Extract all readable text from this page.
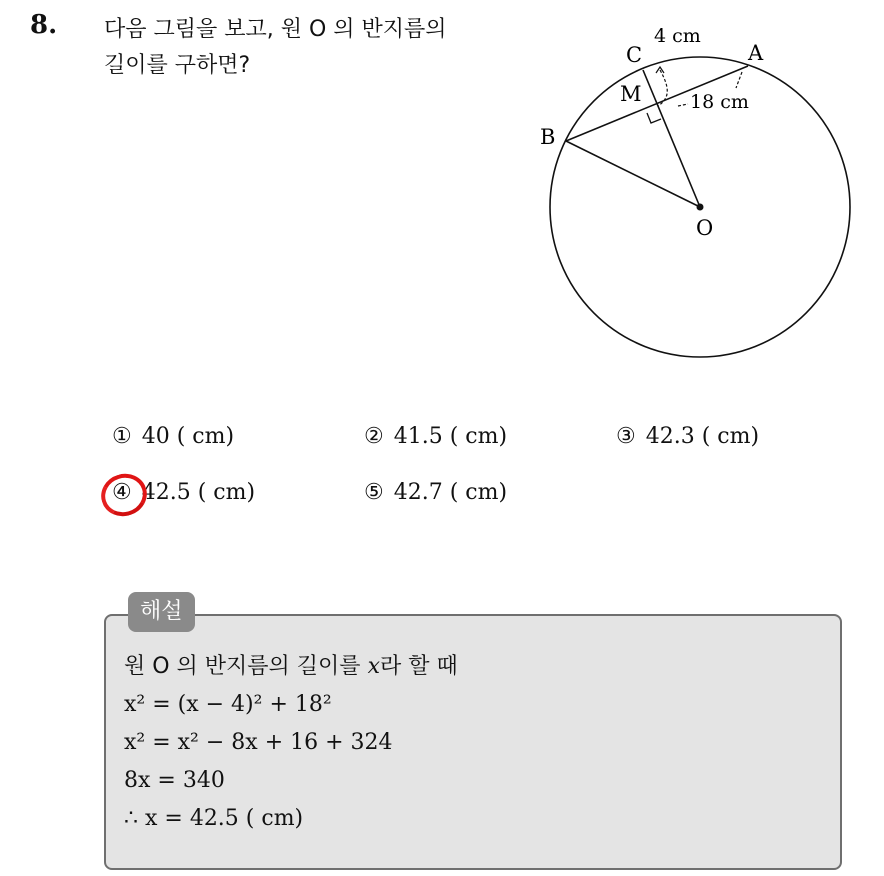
8. 다음 그림을 보고, 원 O 의 반지름의
길이를 구하면?	C	A
M
B
O
4 cm
18 cm
① 40 ( cm)	② 41.5 ( cm)	③ 42.3 ( cm)
④ 42.5 ( cm)	⑤ 42.7 ( cm)
해설
원 O 의 반지름의 길이를 x라 할 때
x² = (x − 4)² + 18²
x² = x² − 8x + 16 + 324
8x = 340
∴ x = 42.5 ( cm)
